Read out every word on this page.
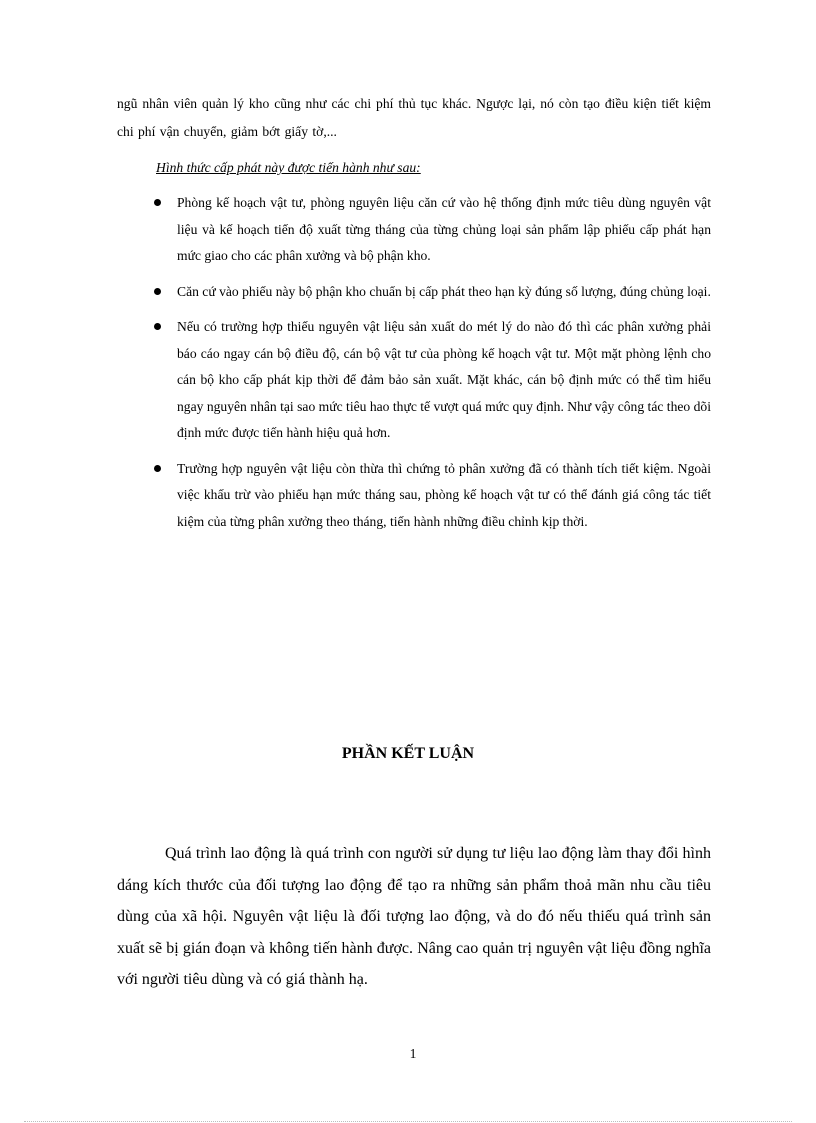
ngũ nhân viên quản lý kho cũng như các chi phí thủ tục khác. Ngược lại, nó còn tạo điều kiện tiết kiệm chi phí vận chuyển, giảm bớt giấy tờ,...

Hình thức cấp phát này được tiến hành như sau:
Phòng kế hoạch vật tư, phòng nguyên liệu căn cứ vào hệ thống định mức tiêu dùng nguyên vật liệu và kế hoạch tiến độ xuất từng tháng của từng chủng loại sản phẩm lập phiếu cấp phát hạn mức giao cho các phân xưởng và bộ phận kho.
Căn cứ vào phiếu này bộ phận kho chuẩn bị cấp phát theo hạn kỳ đúng số lượng, đúng chủng loại.
Nếu có trường hợp thiếu nguyên vật liệu sản xuất do mét lý do nào đó thì các phân xưởng phải báo cáo ngay cán bộ điều độ, cán bộ vật tư của phòng kế hoạch vật tư. Một mặt phòng lệnh cho cán bộ kho cấp phát kịp thời để đảm bảo sản xuất. Mặt khác, cán bộ định mức có thể tìm hiểu ngay nguyên nhân tại sao mức tiêu hao thực tế vượt quá mức quy định. Như vậy công tác theo dõi định mức được tiến hành hiệu quả hơn.
Trường hợp nguyên vật liệu còn thừa thì chứng tỏ phân xưởng đã có thành tích tiết kiệm. Ngoài việc khấu trừ vào phiếu hạn mức tháng sau, phòng kế hoạch vật tư có thể đánh giá công tác tiết kiệm của từng phân xưởng theo tháng, tiến hành những điều chỉnh kịp thời.
PHẦN KẾT LUẬN

Quá trình lao động là quá trình con người sử dụng tư liệu lao động làm thay đổi hình dáng kích thước của đối tượng lao động để tạo ra những sản phẩm thoả mãn nhu cầu tiêu dùng của xã hội. Nguyên vật liệu là đối tượng lao động, và do đó nếu thiếu quá trình sản xuất sẽ bị gián đoạn và không tiến hành được. Nâng cao quản trị nguyên vật liệu đồng nghĩa với người tiêu dùng và có giá thành hạ.

1
